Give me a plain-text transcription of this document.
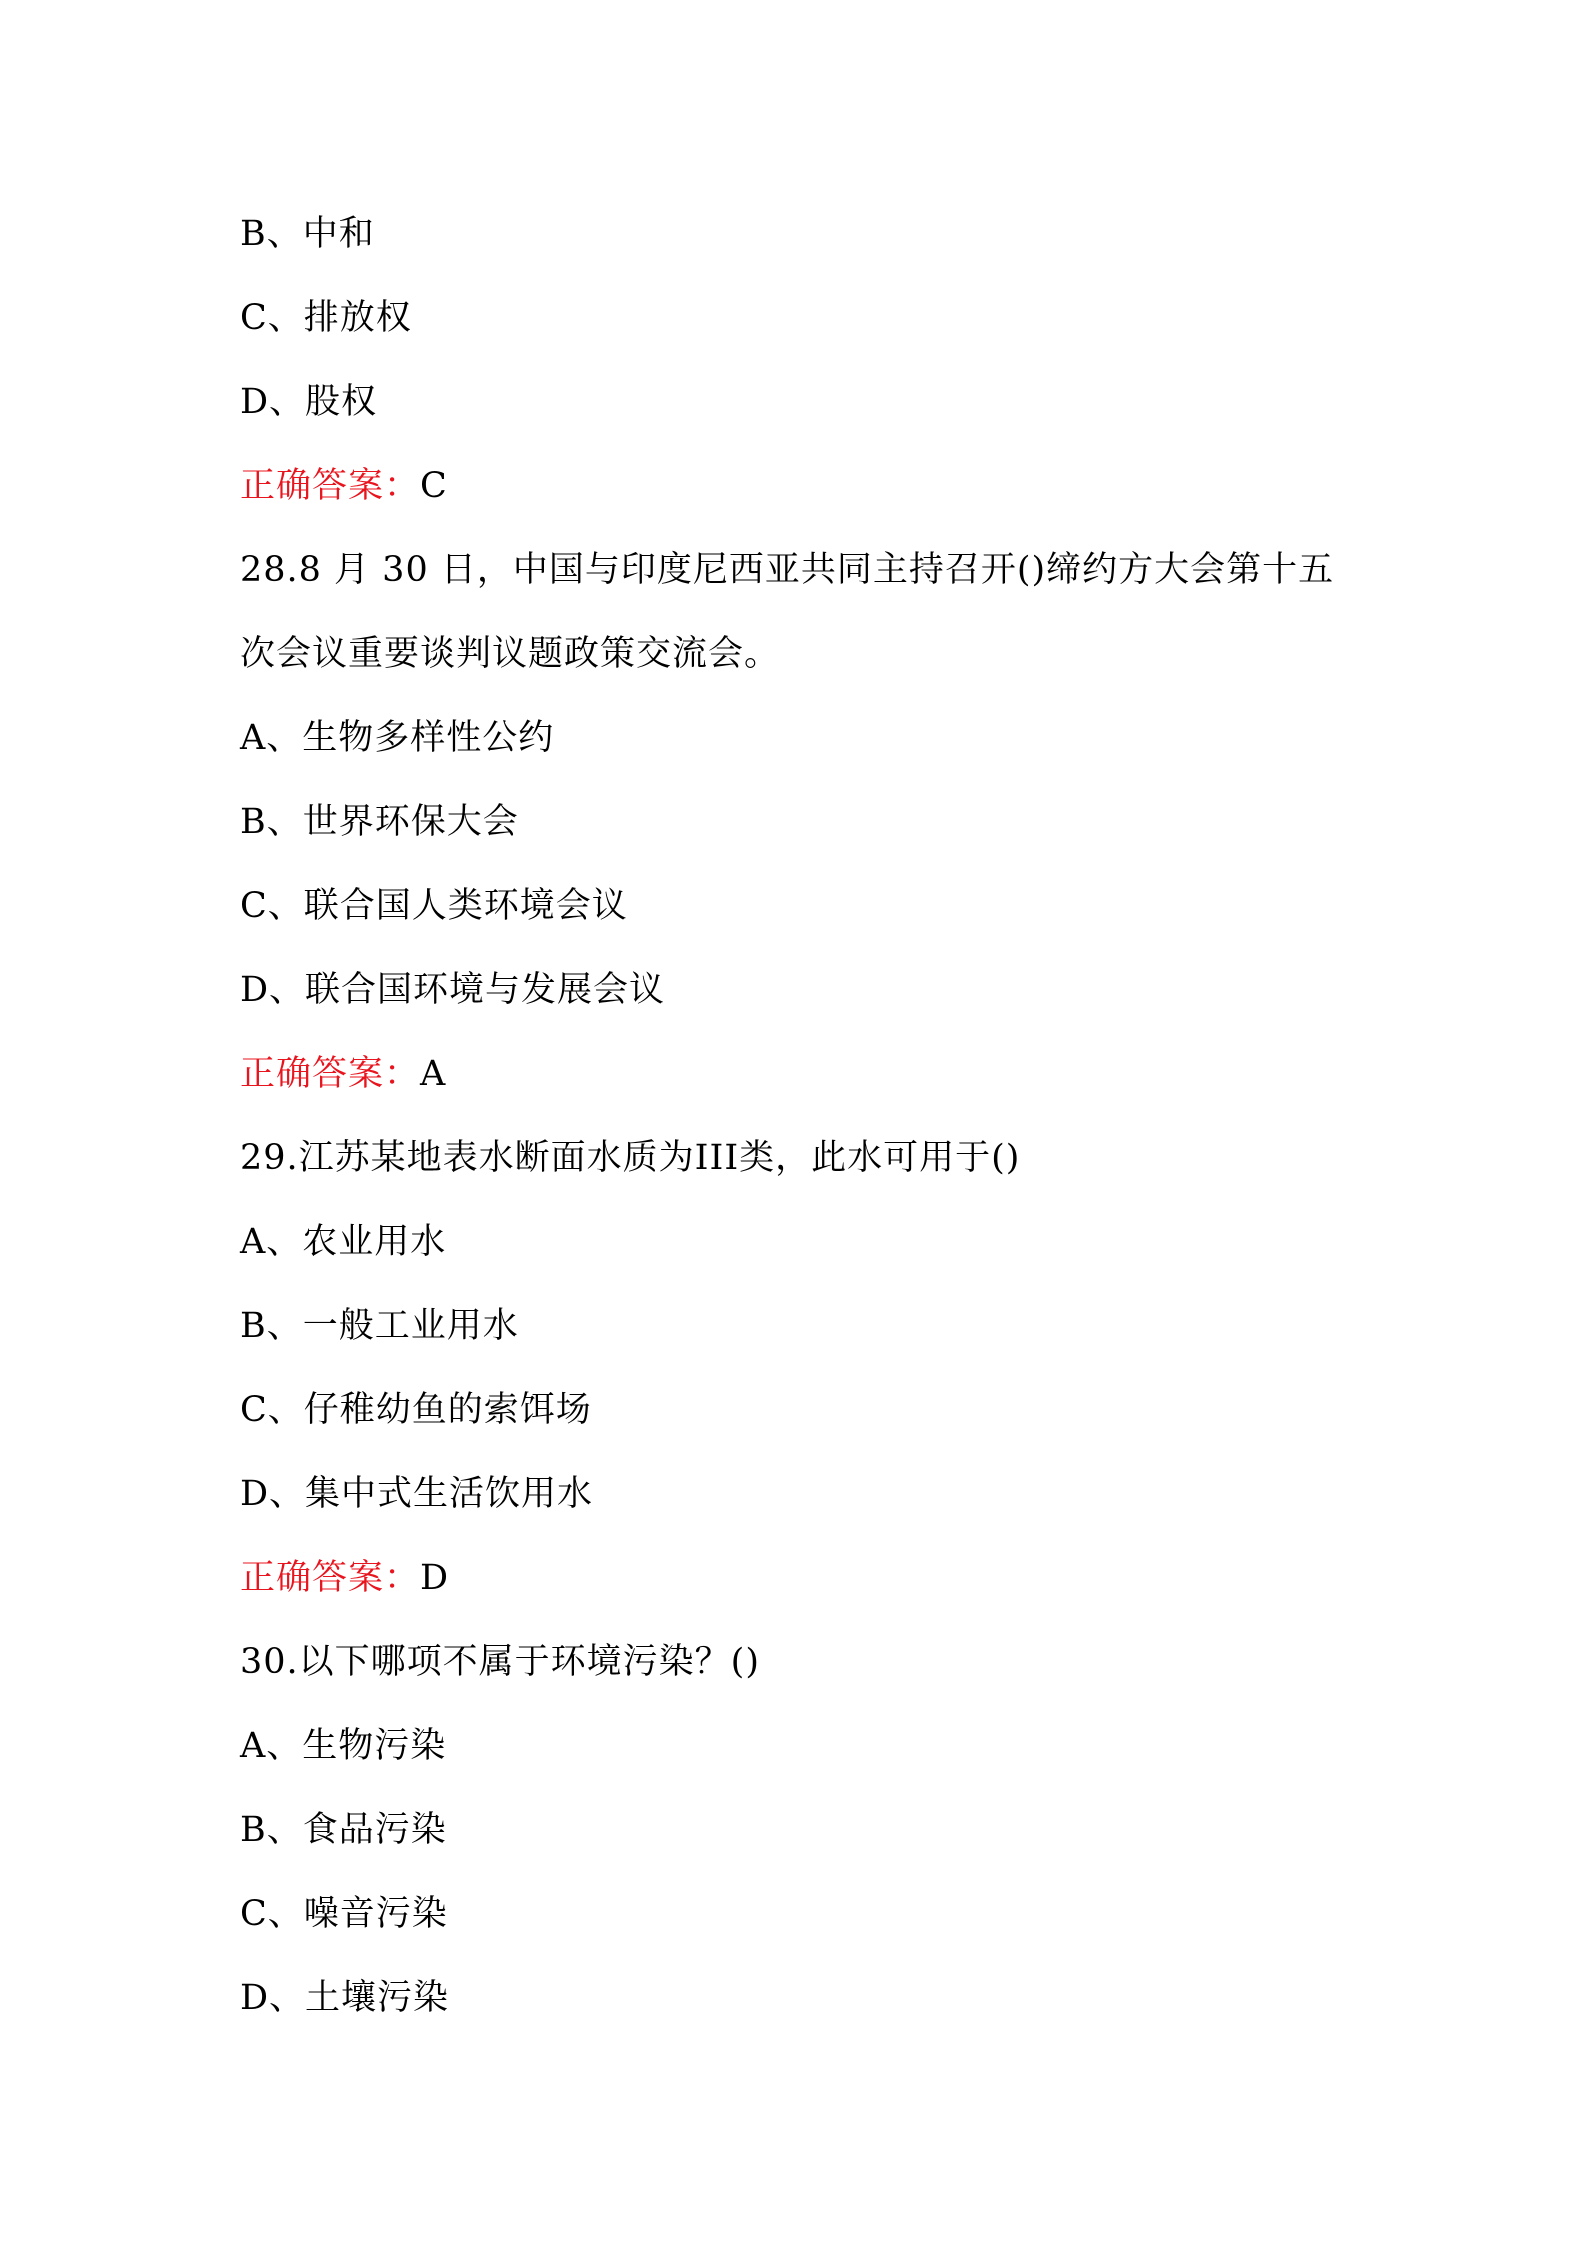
B、中和
C、排放权
D、股权
正确答案：C
28.8 月 30 日，中国与印度尼西亚共同主持召开()缔约方大会第十五
次会议重要谈判议题政策交流会。
A、生物多样性公约
B、世界环保大会
C、联合国人类环境会议
D、联合国环境与发展会议
正确答案：A
29.江苏某地表水断面水质为III类，此水可用于()
A、农业用水
B、一般工业用水
C、仔稚幼鱼的索饵场
D、集中式生活饮用水
正确答案：D
30.以下哪项不属于环境污染？()
A、生物污染
B、食品污染
C、噪音污染
D、土壤污染
